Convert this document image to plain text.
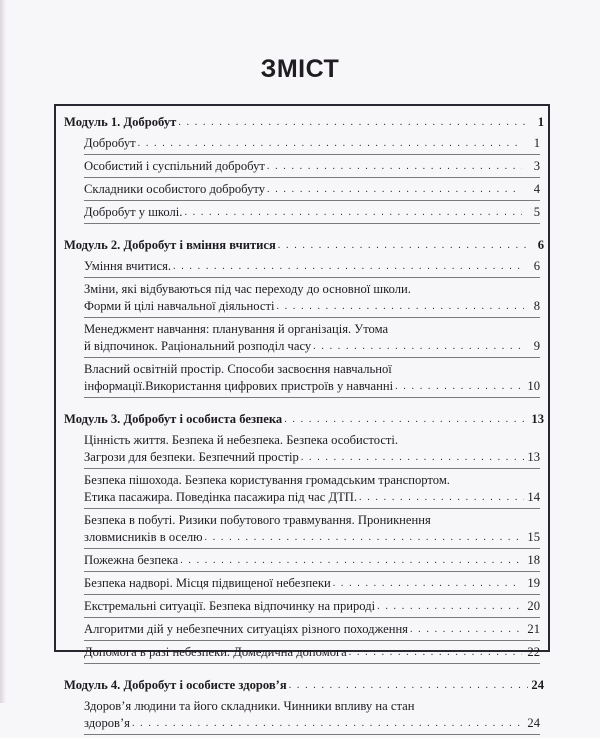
ЗМІСТ
Модуль 1. Добробут . . .	1
Добробут . . .	1
Особистий і суспільний добробут . . .	3
Складники особистого добробуту . . .	4
Добробут у школі. . . .	5
Модуль 2. Добробут і вміння вчитися . . .	6
Уміння вчитися. . . .	6
Зміни, які відбуваються під час переходу до основної школи.
Форми й цілі навчальної діяльності . . .	8
Менеджмент навчання: планування й організація. Утома
й відпочинок. Раціональний розподіл часу . . .	9
Власний освітній простір. Способи засвоєння навчальної
інформації.Використання цифрових пристроїв у навчанні . . .	10
Модуль 3. Добробут і особиста безпека . . .	13
Цінність життя. Безпека й небезпека. Безпека особистості.
Загрози для безпеки. Безпечний простір . . .	13
Безпека пішохода. Безпека користування громадським транспортом.
Етика пасажира. Поведінка пасажира під час ДТП. . . .	14
Безпека в побуті. Ризики побутового травмування. Проникнення
зловмисників в оселю . . .	15
Пожежна безпека . . .	18
Безпека надворі. Місця підвищеної небезпеки . . .	19
Екстремальні ситуації. Безпека відпочинку на природі . . .	20
Алгоритми дій у небезпечних ситуаціях різного походження . . .	21
Допомога в разі небезпеки. Домедична допомога . . .	22
Модуль 4. Добробут і особисте здоров’я . . .	24
Здоров’я людини та його складники. Чинники впливу на стан
здоров’я . . .	24
